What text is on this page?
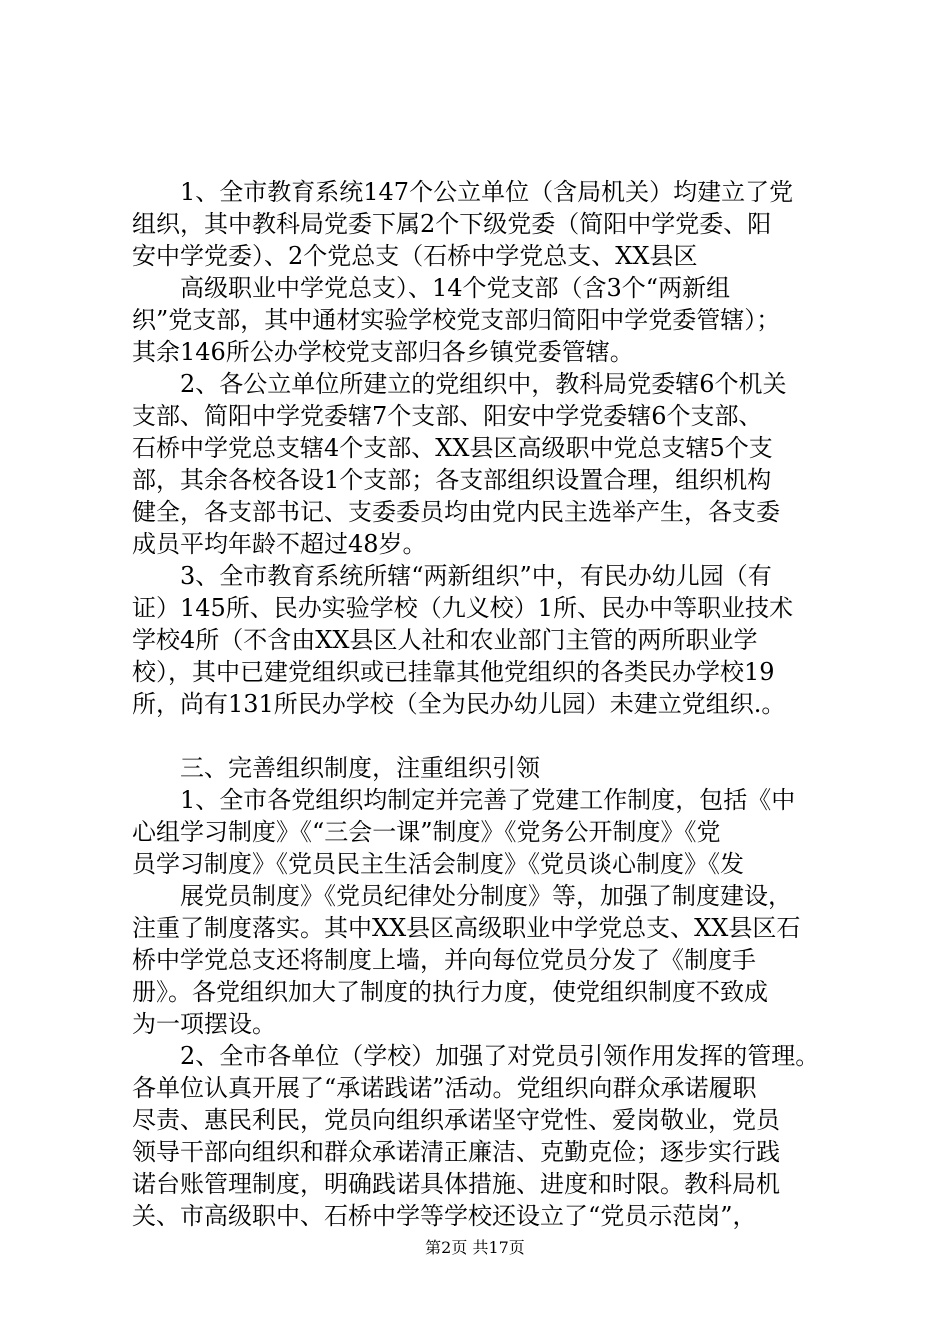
　　1、全市教育系统147个公立单位（含局机关）均建立了党
组织，其中教科局党委下属2个下级党委（简阳中学党委、阳
安中学党委）、2个党总支（石桥中学党总支、XX县区
　　高级职业中学党总支）、14个党支部（含3个“两新组
织”党支部，其中通材实验学校党支部归简阳中学党委管辖）；
其余146所公办学校党支部归各乡镇党委管辖。
　　2、各公立单位所建立的党组织中，教科局党委辖6个机关
支部、简阳中学党委辖7个支部、阳安中学党委辖6个支部、
石桥中学党总支辖4个支部、XX县区高级职中党总支辖5个支
部，其余各校各设1个支部；各支部组织设置合理，组织机构
健全，各支部书记、支委委员均由党内民主选举产生，各支委
成员平均年龄不超过48岁。
　　3、全市教育系统所辖“两新组织”中，有民办幼儿园（有
证）145所、民办实验学校（九义校）1所、民办中等职业技术
学校4所（不含由XX县区人社和农业部门主管的两所职业学
校），其中已建党组织或已挂靠其他党组织的各类民办学校19
所，尚有131所民办学校（全为民办幼儿园）未建立党组织.。
　　三、完善组织制度，注重组织引领
　　1、全市各党组织均制定并完善了党建工作制度，包括《中
心组学习制度》《“三会一课”制度》《党务公开制度》《党
员学习制度》《党员民主生活会制度》《党员谈心制度》《发
　　展党员制度》《党员纪律处分制度》等，加强了制度建设，
注重了制度落实。其中XX县区高级职业中学党总支、XX县区石
桥中学党总支还将制度上墙，并向每位党员分发了《制度手
册》。各党组织加大了制度的执行力度，使党组织制度不致成
为一项摆设。
　　2、全市各单位（学校）加强了对党员引领作用发挥的管理。
各单位认真开展了“承诺践诺”活动。党组织向群众承诺履职
尽责、惠民利民，党员向组织承诺坚守党性、爱岗敬业，党员
领导干部向组织和群众承诺清正廉洁、克勤克俭；逐步实行践
诺台账管理制度，明确践诺具体措施、进度和时限。教科局机
关、市高级职中、石桥中学等学校还设立了“党员示范岗”，
第2页 共17页
